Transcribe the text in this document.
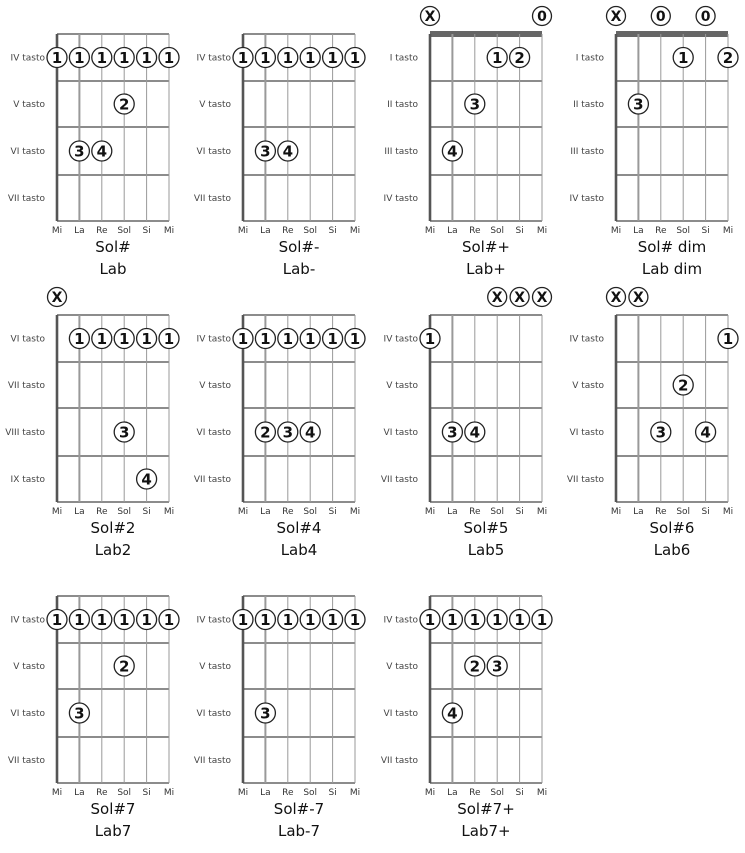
IV tasto
V tasto
VI tasto
VII tasto
Mi La Re Sol Si Mi
Sol#
Lab
1 1 1 1 1 1
2
3 4
IV tasto
V tasto
VI tasto
VII tasto
Mi La Re Sol Si Mi
Sol#-
Lab-
1 1 1 1 1 1
3 4
I tasto
II tasto
III tasto
IV tasto
Mi La Re Sol Si Mi
Sol#+
Lab+
X	0
1 2
3
4
I tasto
II tasto
III tasto
IV tasto
Mi La Re Sol Si Mi
Sol# dim
Lab dim
X 0	0
1 2
3
VI tasto
VII tasto
VIII tasto
IX tasto
Mi La Re Sol Si Mi
Sol#2
Lab2
X
1 1 1 1 1
3
4
IV tasto
V tasto
VI tasto
VII tasto
Mi La Re Sol Si Mi
Sol#4
Lab4
1 1 1 1 1 1
2 3 4
IV tasto
V tasto
VI tasto
VII tasto
Mi La Re Sol Si Mi
Sol#5
Lab5
X X X
1
3 4
IV tasto
V tasto
VI tasto
VII tasto
Mi La Re Sol Si Mi
Sol#6
Lab6
X X
1
2
3 4
IV tasto
V tasto
VI tasto
VII tasto
Mi La Re Sol Si Mi
Sol#7
Lab7
1 1 1 1 1 1
2
3
IV tasto
V tasto
VI tasto
VII tasto
Mi La Re Sol Si Mi
Sol#-7
Lab-7
1 1 1 1 1 1
3
IV tasto
V tasto
VI tasto
VII tasto
Mi La Re Sol Si Mi
Sol#7+
Lab7+
1 1 1 1 1 1
2 3
4
